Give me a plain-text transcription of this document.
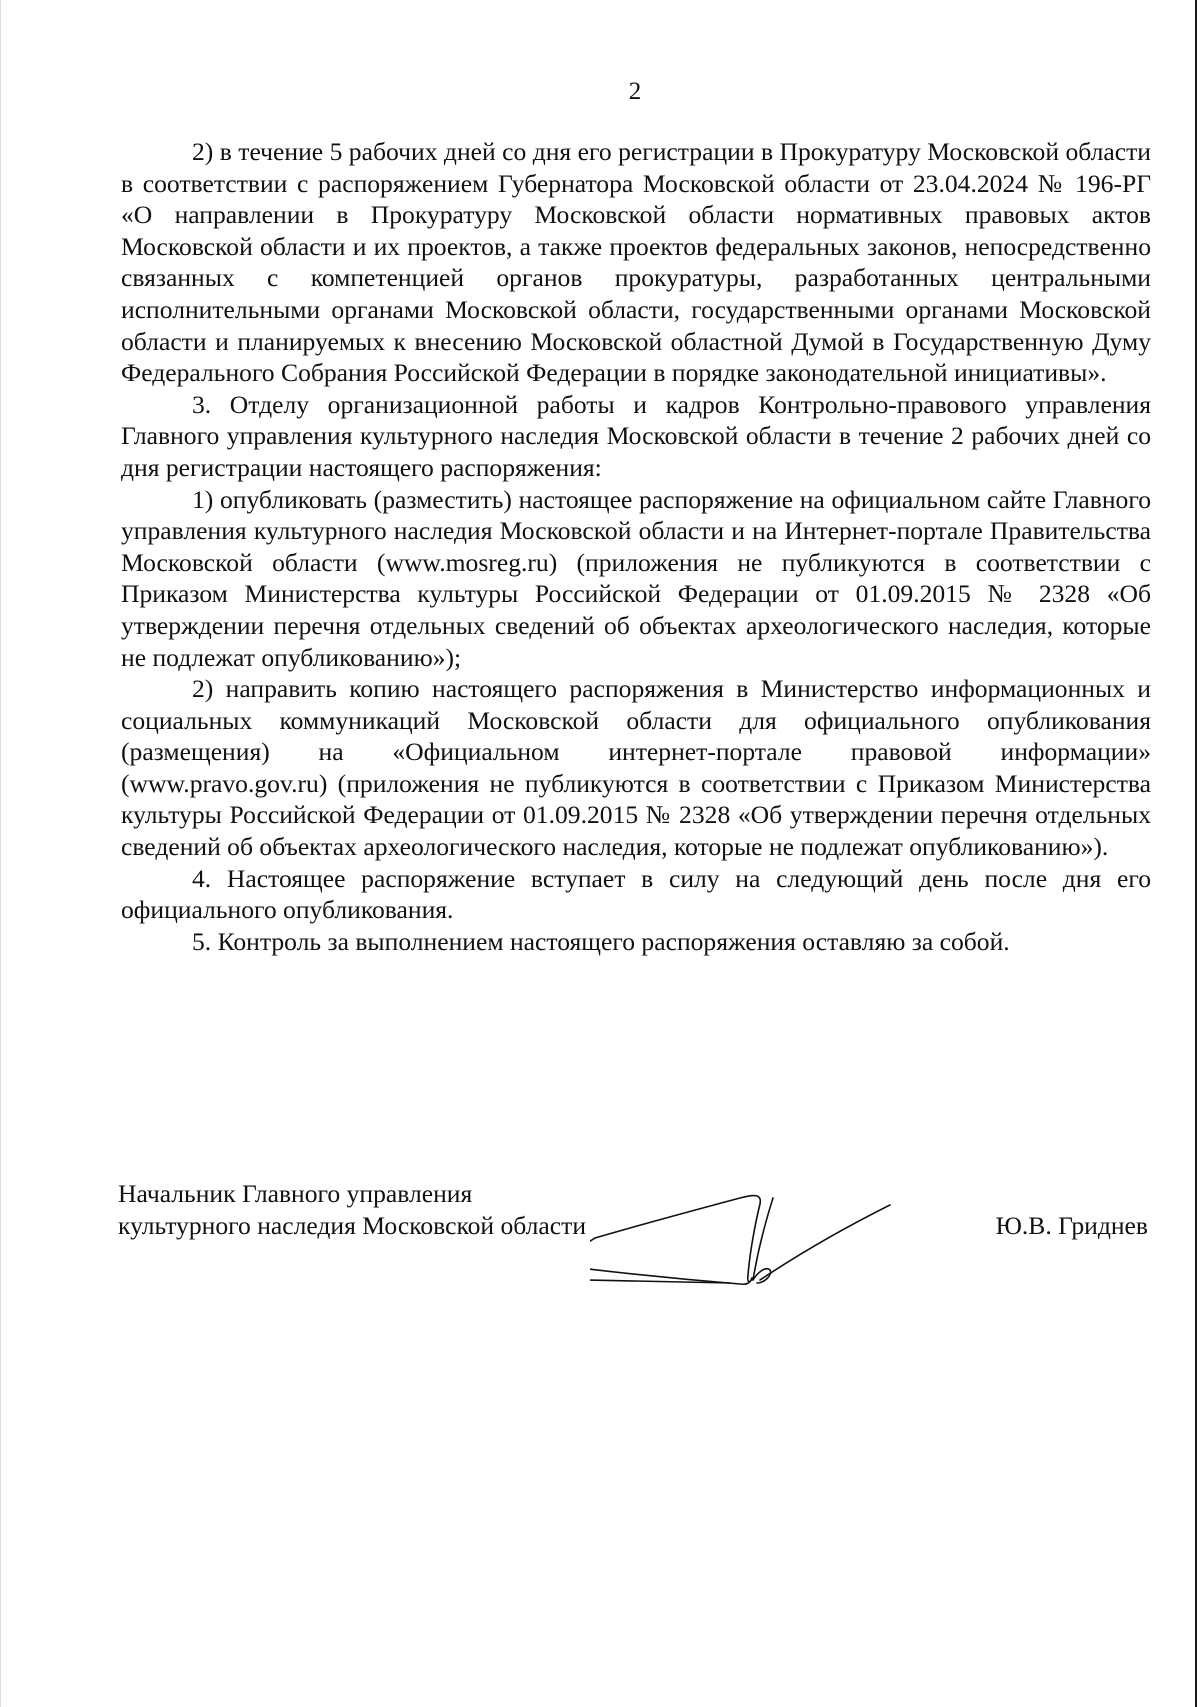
2

2) в течение 5 рабочих дней со дня его регистрации в Прокуратуру Московской области в соответствии с распоряжением Губернатора Московской области от 23.04.2024 № 196-РГ «О направлении в Прокуратуру Московской области нормативных правовых актов Московской области и их проектов, а также проектов федеральных законов, непосредственно связанных с компетенцией органов прокуратуры, разработанных центральными исполнительными органами Московской области, государственными органами Московской области и планируемых к внесению Московской областной Думой в Государственную Думу Федерального Собрания Российской Федерации в порядке законодательной инициативы».

3. Отделу организационной работы и кадров Контрольно-правового управления Главного управления культурного наследия Московской области в течение 2 рабочих дней со дня регистрации настоящего распоряжения:

1) опубликовать (разместить) настоящее распоряжение на официальном сайте Главного управления культурного наследия Московской области и на Интернет-портале Правительства Московской области (www.mosreg.ru) (приложения не публикуются в соответствии с Приказом Министерства культуры Российской Федерации от 01.09.2015 № 2328 «Об утверждении перечня отдельных сведений об объектах археологического наследия, которые не подлежат опубликованию»);

2) направить копию настоящего распоряжения в Министерство информационных и социальных коммуникаций Московской области для официального опубликования (размещения) на «Официальном интернет-портале правовой информации» (www.pravo.gov.ru) (приложения не публикуются в соответствии с Приказом Министерства культуры Российской Федерации от 01.09.2015 № 2328 «Об утверждении перечня отдельных сведений об объектах археологического наследия, которые не подлежат опубликованию»).

4. Настоящее распоряжение вступает в силу на следующий день после дня его официального опубликования.

5. Контроль за выполнением настоящего распоряжения оставляю за собой.

Начальник Главного управления
культурного наследия Московской области	Ю.В. Гриднев
